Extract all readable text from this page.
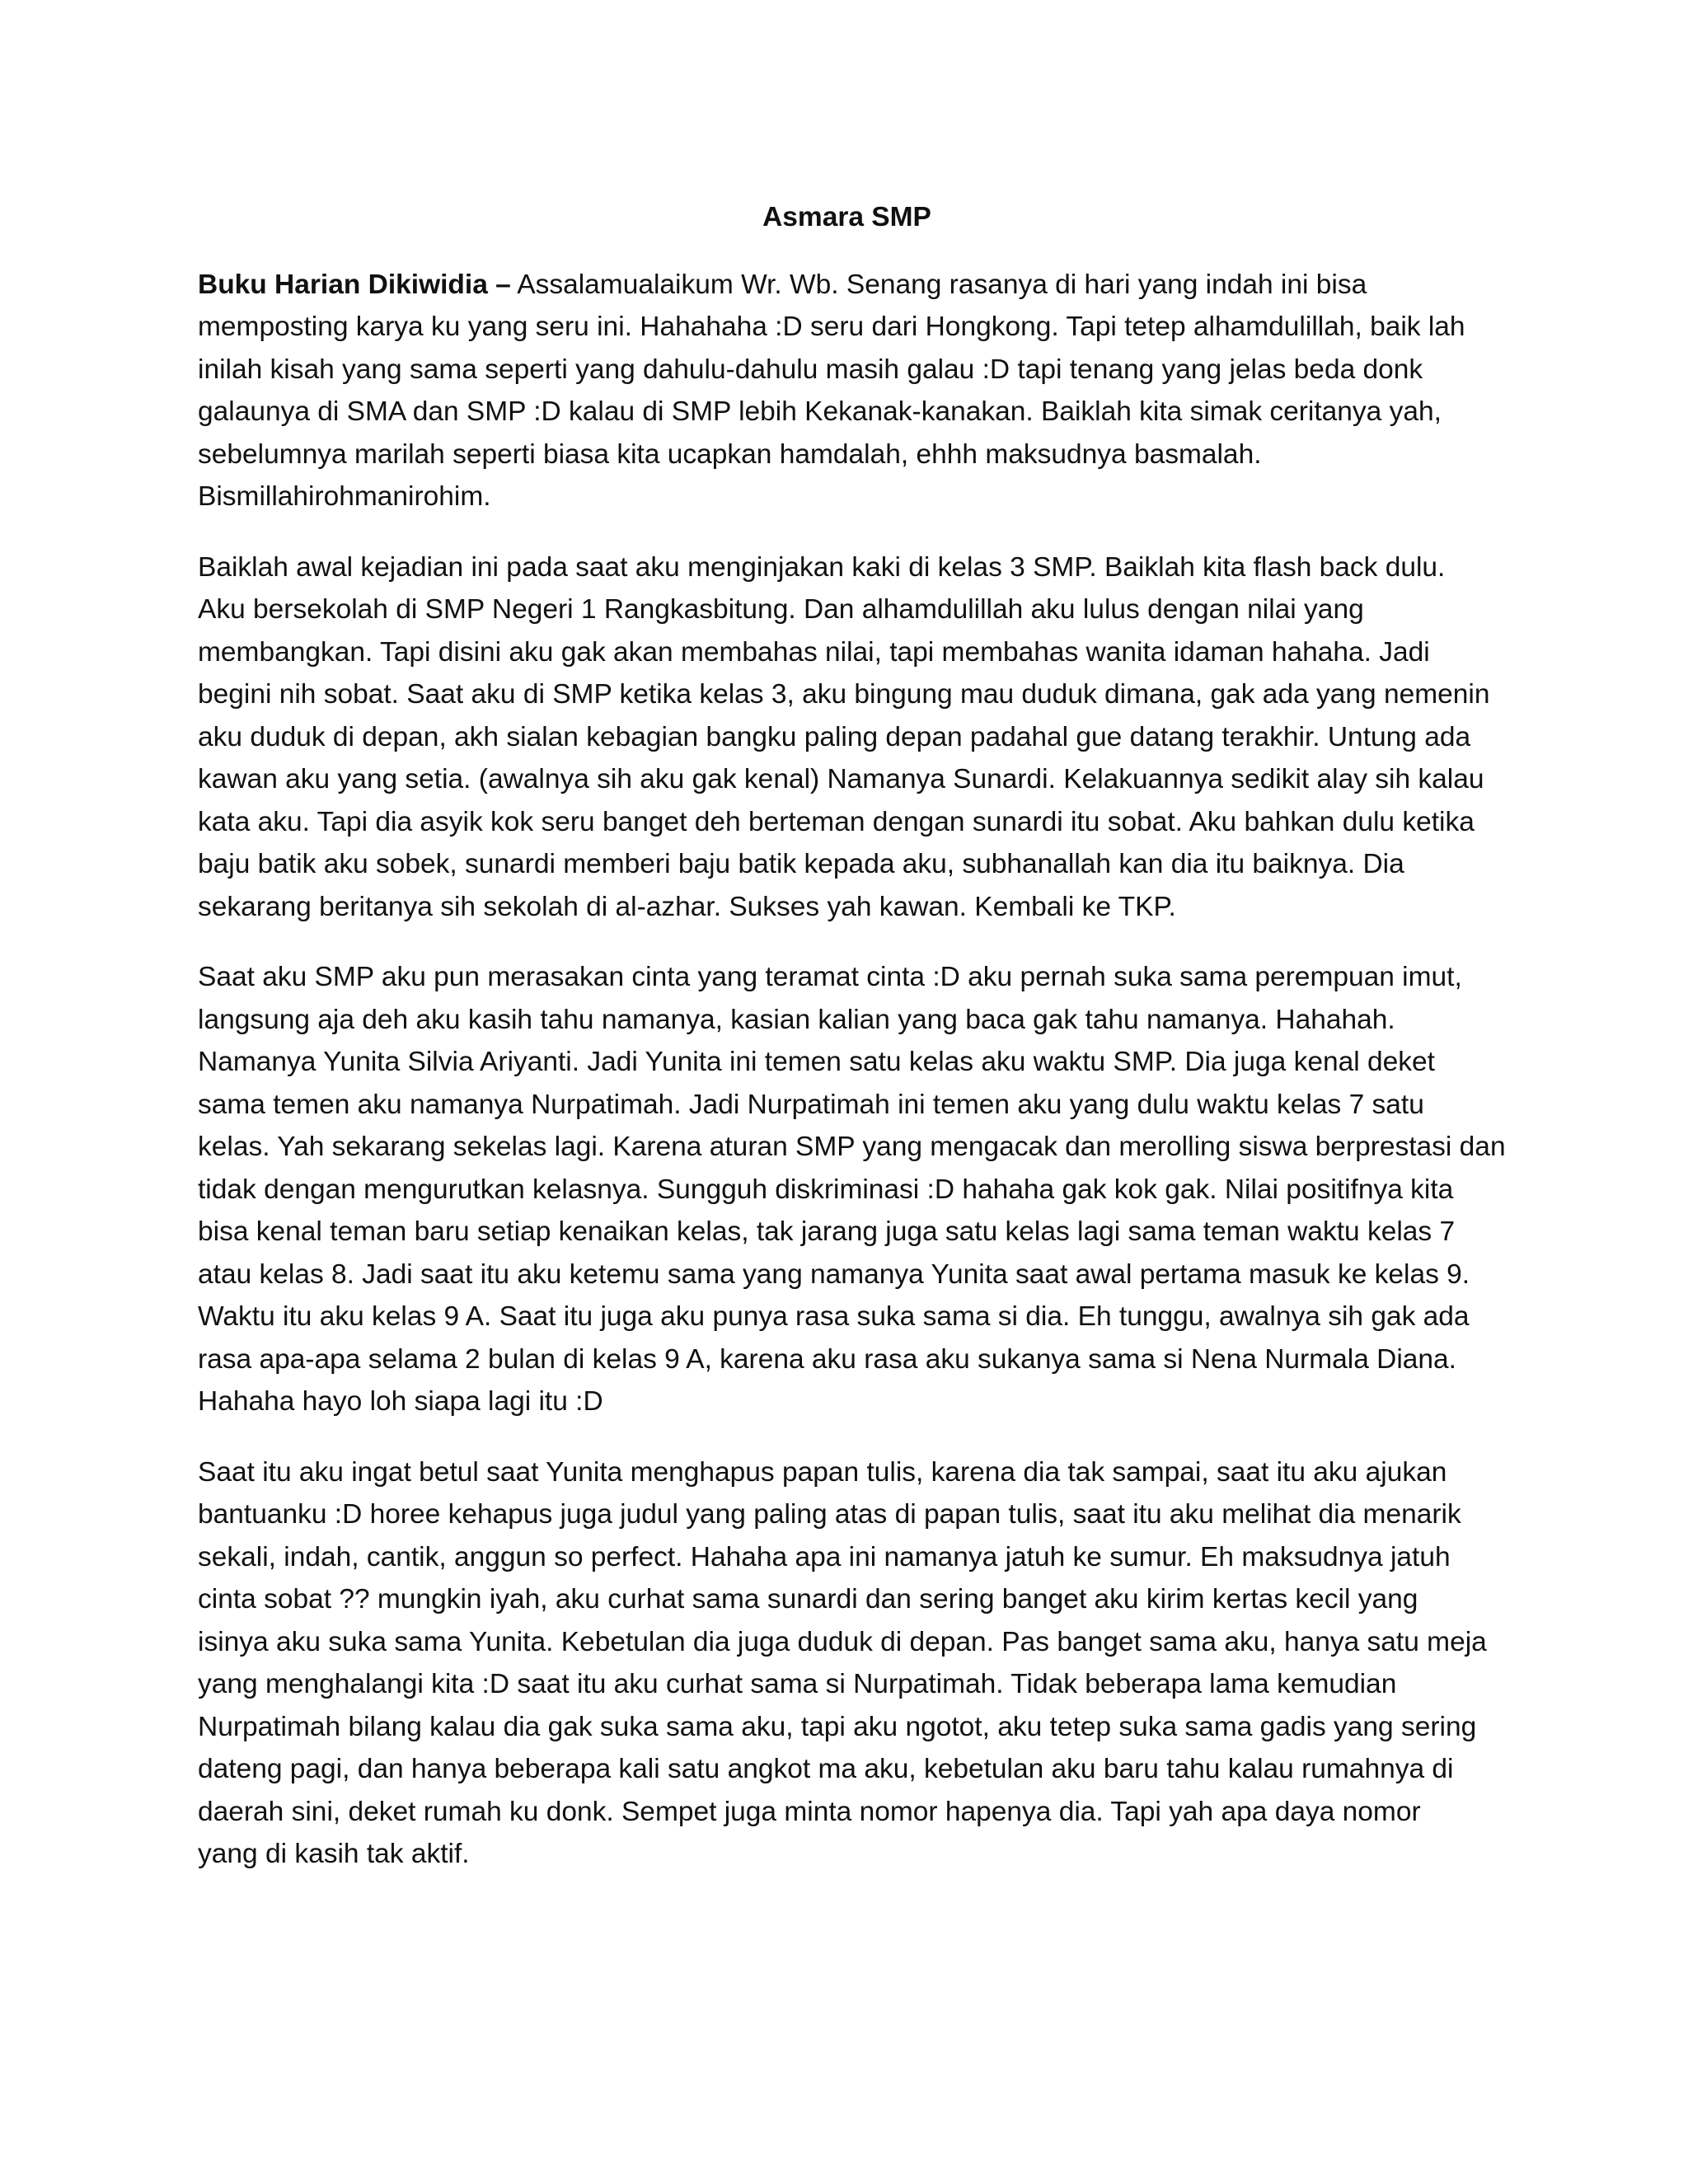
Asmara SMP

Buku Harian Dikiwidia – Assalamualaikum Wr. Wb. Senang rasanya di hari yang indah ini bisa
memposting karya ku yang seru ini. Hahahaha :D seru dari Hongkong. Tapi tetep alhamdulillah, baik lah
inilah kisah yang sama seperti yang dahulu-dahulu masih galau :D tapi tenang yang jelas beda donk
galaunya di SMA dan SMP :D kalau di SMP lebih Kekanak-kanakan. Baiklah kita simak ceritanya yah,
sebelumnya marilah seperti biasa kita ucapkan hamdalah, ehhh maksudnya basmalah.
Bismillahirohmanirohim.

Baiklah awal kejadian ini pada saat aku menginjakan kaki di kelas 3 SMP. Baiklah kita flash back dulu.
Aku bersekolah di SMP Negeri 1 Rangkasbitung. Dan alhamdulillah aku lulus dengan nilai yang
membangkan. Tapi disini aku gak akan membahas nilai, tapi membahas wanita idaman hahaha. Jadi
begini nih sobat. Saat aku di SMP ketika kelas 3, aku bingung mau duduk dimana, gak ada yang nemenin
aku duduk di depan, akh sialan kebagian bangku paling depan padahal gue datang terakhir. Untung ada
kawan aku yang setia. (awalnya sih aku gak kenal) Namanya Sunardi. Kelakuannya sedikit alay sih kalau
kata aku. Tapi dia asyik kok seru banget deh berteman dengan sunardi itu sobat. Aku bahkan dulu ketika
baju batik aku sobek, sunardi memberi baju batik kepada aku, subhanallah kan dia itu baiknya. Dia
sekarang beritanya sih sekolah di al-azhar. Sukses yah kawan. Kembali ke TKP.

Saat aku SMP aku pun merasakan cinta yang teramat cinta :D aku pernah suka sama perempuan imut,
langsung aja deh aku kasih tahu namanya, kasian kalian yang baca gak tahu namanya. Hahahah.
Namanya Yunita Silvia Ariyanti. Jadi Yunita ini temen satu kelas aku waktu SMP. Dia juga kenal deket
sama temen aku namanya Nurpatimah. Jadi Nurpatimah ini temen aku yang dulu waktu kelas 7 satu
kelas. Yah sekarang sekelas lagi. Karena aturan SMP yang mengacak dan merolling siswa berprestasi dan
tidak dengan mengurutkan kelasnya. Sungguh diskriminasi :D hahaha gak kok gak. Nilai positifnya kita
bisa kenal teman baru setiap kenaikan kelas, tak jarang juga satu kelas lagi sama teman waktu kelas 7
atau kelas 8. Jadi saat itu aku ketemu sama yang namanya Yunita saat awal pertama masuk ke kelas 9.
Waktu itu aku kelas 9 A. Saat itu juga aku punya rasa suka sama si dia. Eh tunggu, awalnya sih gak ada
rasa apa-apa selama 2 bulan di kelas 9 A, karena aku rasa aku sukanya sama si Nena Nurmala Diana.
Hahaha hayo loh siapa lagi itu :D

Saat itu aku ingat betul saat Yunita menghapus papan tulis, karena dia tak sampai, saat itu aku ajukan
bantuanku :D horee kehapus juga judul yang paling atas di papan tulis, saat itu aku melihat dia menarik
sekali, indah, cantik, anggun so perfect. Hahaha apa ini namanya jatuh ke sumur. Eh maksudnya jatuh
cinta sobat ?? mungkin iyah, aku curhat sama sunardi dan sering banget aku kirim kertas kecil yang
isinya aku suka sama Yunita. Kebetulan dia juga duduk di depan. Pas banget sama aku, hanya satu meja
yang menghalangi kita :D saat itu aku curhat sama si Nurpatimah. Tidak beberapa lama kemudian
Nurpatimah bilang kalau dia gak suka sama aku, tapi aku ngotot, aku tetep suka sama gadis yang sering
dateng pagi, dan hanya beberapa kali satu angkot ma aku, kebetulan aku baru tahu kalau rumahnya di
daerah sini, deket rumah ku donk. Sempet juga minta nomor hapenya dia. Tapi yah apa daya nomor
yang di kasih tak aktif.
